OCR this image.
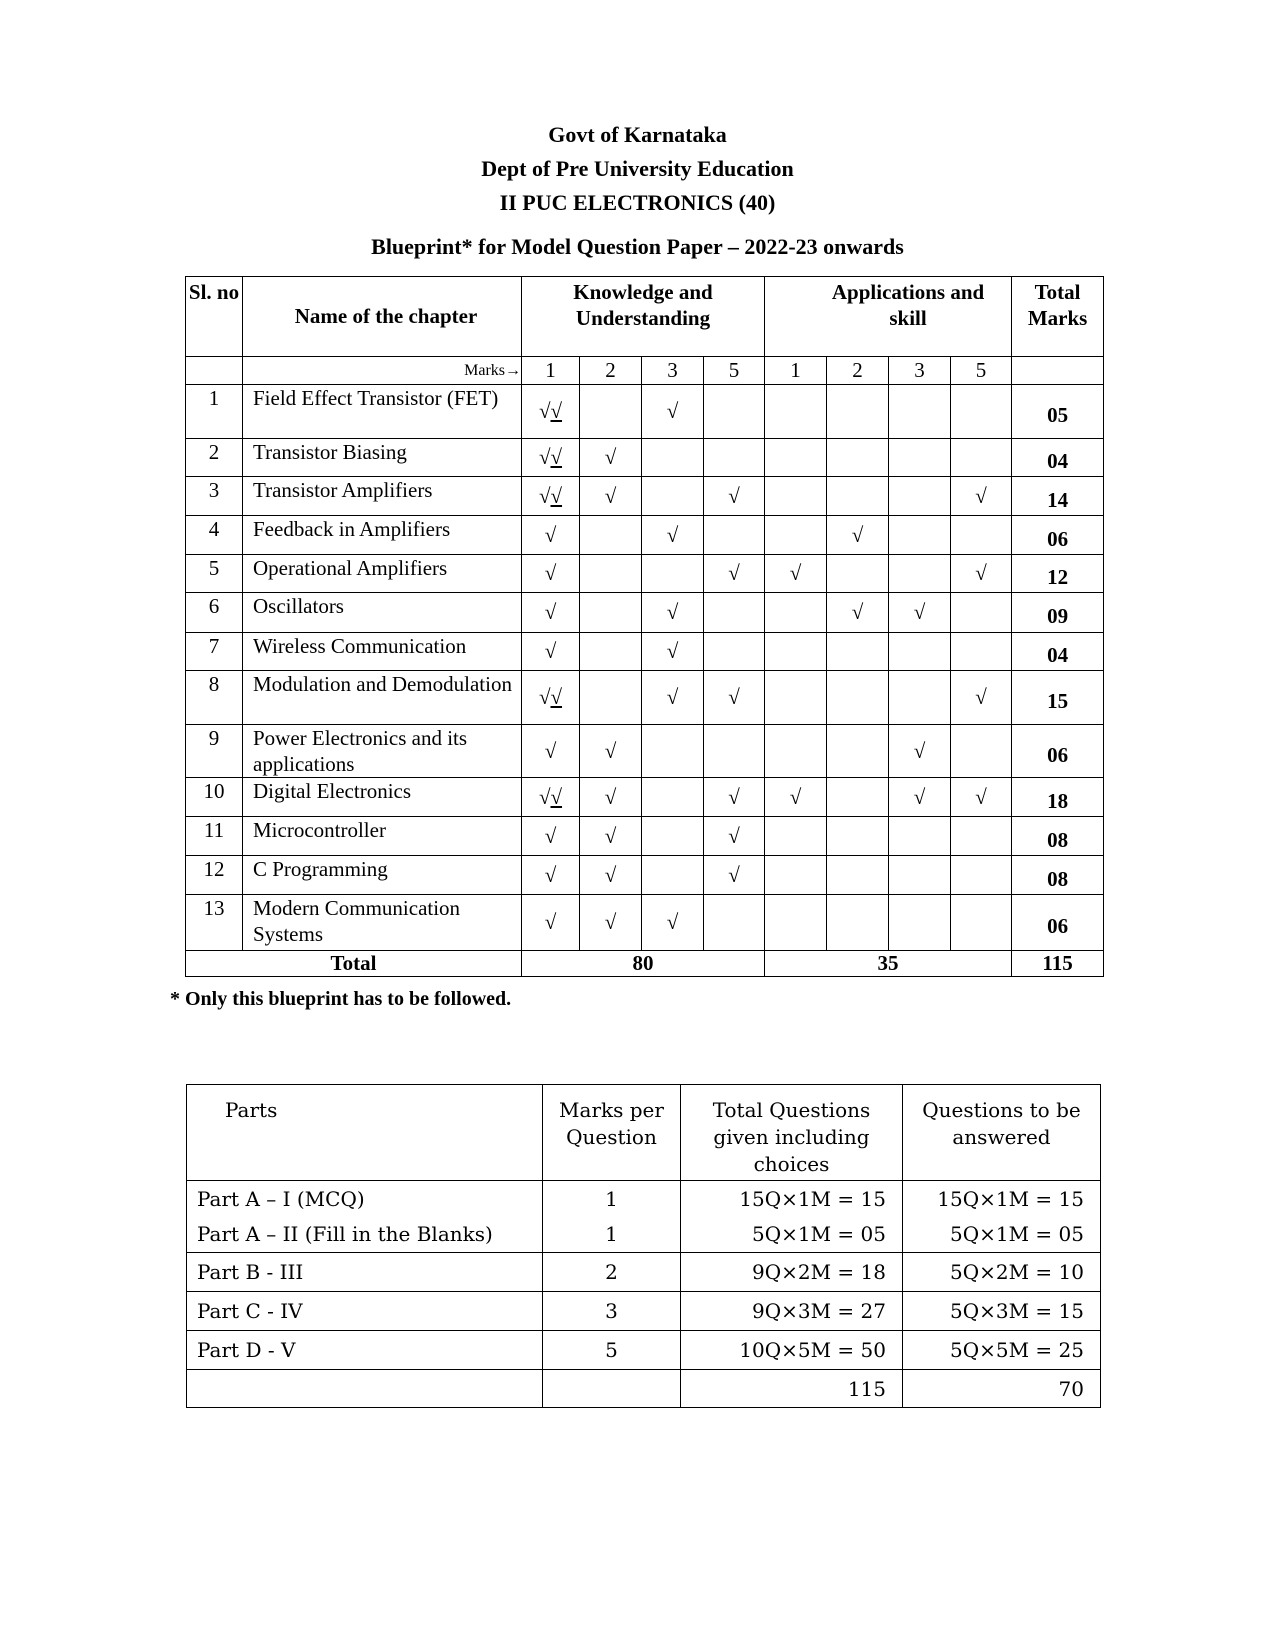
Govt of Karnataka
Dept of Pre University Education
II PUC ELECTRONICS (40)
Blueprint* for Model Question Paper – 2022-23 onwards
Sl. no	Name of the chapter	Knowledge and Understanding				Applications and skill				Total Marks
	Marks→	1	2	3	5	1	2	3	5	
1	Field Effect Transistor (FET)	√√		√						05
2	Transistor Biasing	√√	√							04
3	Transistor Amplifiers	√√	√		√				√	14
4	Feedback in Amplifiers	√		√			√			06
5	Operational Amplifiers	√			√	√			√	12
6	Oscillators	√		√			√	√		09
7	Wireless Communication	√		√						04
8	Modulation and Demodulation	√√		√	√				√	15
9	Power Electronics and its applications	√	√					√		06
10	Digital Electronics	√√	√		√	√		√	√	18
11	Microcontroller	√	√		√					08
12	C Programming	√	√		√					08
13	Modern Communication Systems	√	√	√						06
Total		80				35				115
* Only this blueprint has to be followed.
Parts	Marks per Question	Total Questions given including choices	Questions to be answered
Part A – I (MCQ)	1	15Q×1M = 15	15Q×1M = 15
Part A – II (Fill in the Blanks)	1	5Q×1M = 05	5Q×1M = 05
Part B - III	2	9Q×2M = 18	5Q×2M = 10
Part C - IV	3	9Q×3M = 27	5Q×3M = 15
Part D - V	5	10Q×5M = 50	5Q×5M = 25
		115	70
